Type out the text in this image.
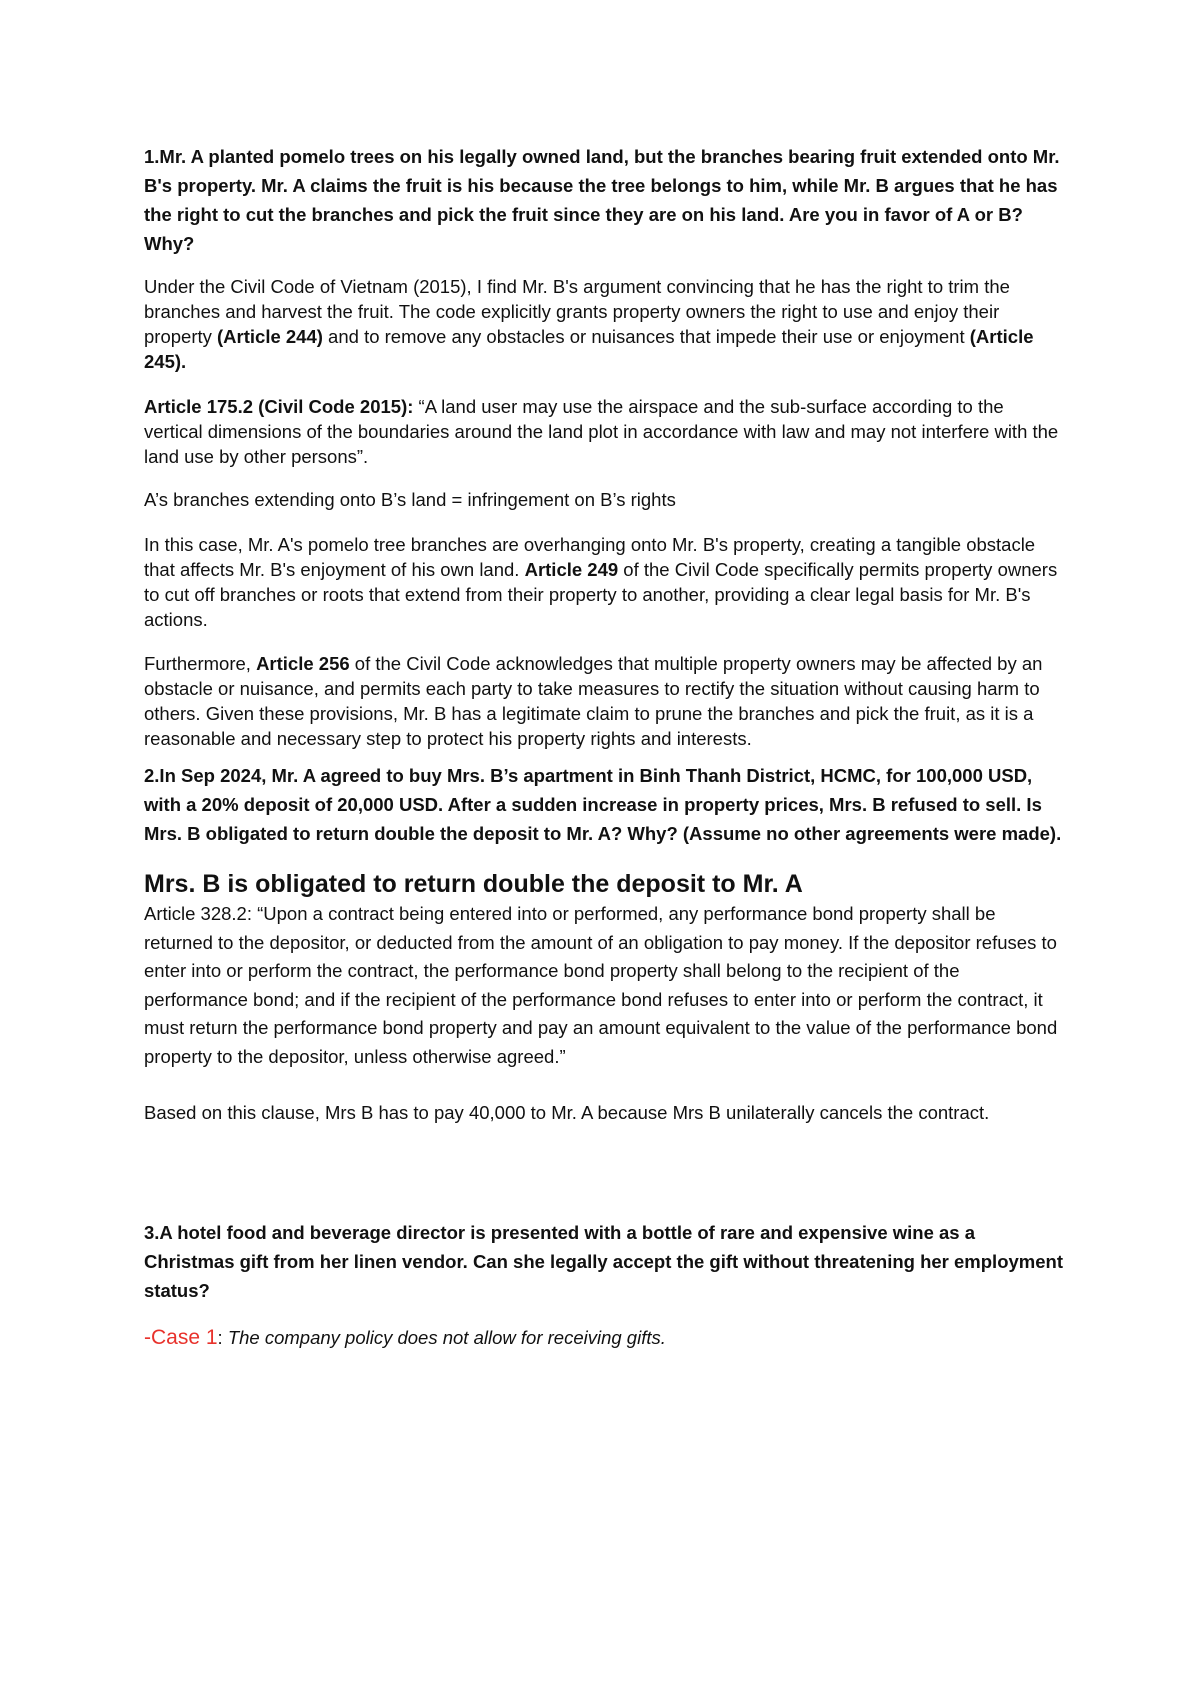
1.Mr. A planted pomelo trees on his legally owned land, but the branches bearing fruit extended onto Mr. B's property. Mr. A claims the fruit is his because the tree belongs to him, while Mr. B argues that he has the right to cut the branches and pick the fruit since they are on his land. Are you in favor of A or B? Why?

Under the Civil Code of Vietnam (2015), I find Mr. B's argument convincing that he has the right to trim the branches and harvest the fruit. The code explicitly grants property owners the right to use and enjoy their property (Article 244) and to remove any obstacles or nuisances that impede their use or enjoyment (Article 245).

Article 175.2 (Civil Code 2015): “A land user may use the airspace and the sub-surface according to the vertical dimensions of the boundaries around the land plot in accordance with law and may not interfere with the land use by other persons”.

A’s branches extending onto B’s land = infringement on B’s rights

In this case, Mr. A's pomelo tree branches are overhanging onto Mr. B's property, creating a tangible obstacle that affects Mr. B's enjoyment of his own land. Article 249 of the Civil Code specifically permits property owners to cut off branches or roots that extend from their property to another, providing a clear legal basis for Mr. B's actions.

Furthermore, Article 256 of the Civil Code acknowledges that multiple property owners may be affected by an obstacle or nuisance, and permits each party to take measures to rectify the situation without causing harm to others. Given these provisions, Mr. B has a legitimate claim to prune the branches and pick the fruit, as it is a reasonable and necessary step to protect his property rights and interests.

2.In Sep 2024, Mr. A agreed to buy Mrs. B’s apartment in Binh Thanh District, HCMC, for 100,000 USD, with a 20% deposit of 20,000 USD. After a sudden increase in property prices, Mrs. B refused to sell. Is Mrs. B obligated to return double the deposit to Mr. A? Why? (Assume no other agreements were made).

Mrs. B is obligated to return double the deposit to Mr. A

Article 328.2: “Upon a contract being entered into or performed, any performance bond property shall be returned to the depositor, or deducted from the amount of an obligation to pay money. If the depositor refuses to enter into or perform the contract, the performance bond property shall belong to the recipient of the performance bond; and if the recipient of the performance bond refuses to enter into or perform the contract, it must return the performance bond property and pay an amount equivalent to the value of the performance bond property to the depositor, unless otherwise agreed.”

Based on this clause, Mrs B has to pay 40,000 to Mr. A because Mrs B unilaterally cancels the contract.

3.A hotel food and beverage director is presented with a bottle of rare and expensive wine as a Christmas gift from her linen vendor. Can she legally accept the gift without threatening her employment status?

-Case 1: The company policy does not allow for receiving gifts.
